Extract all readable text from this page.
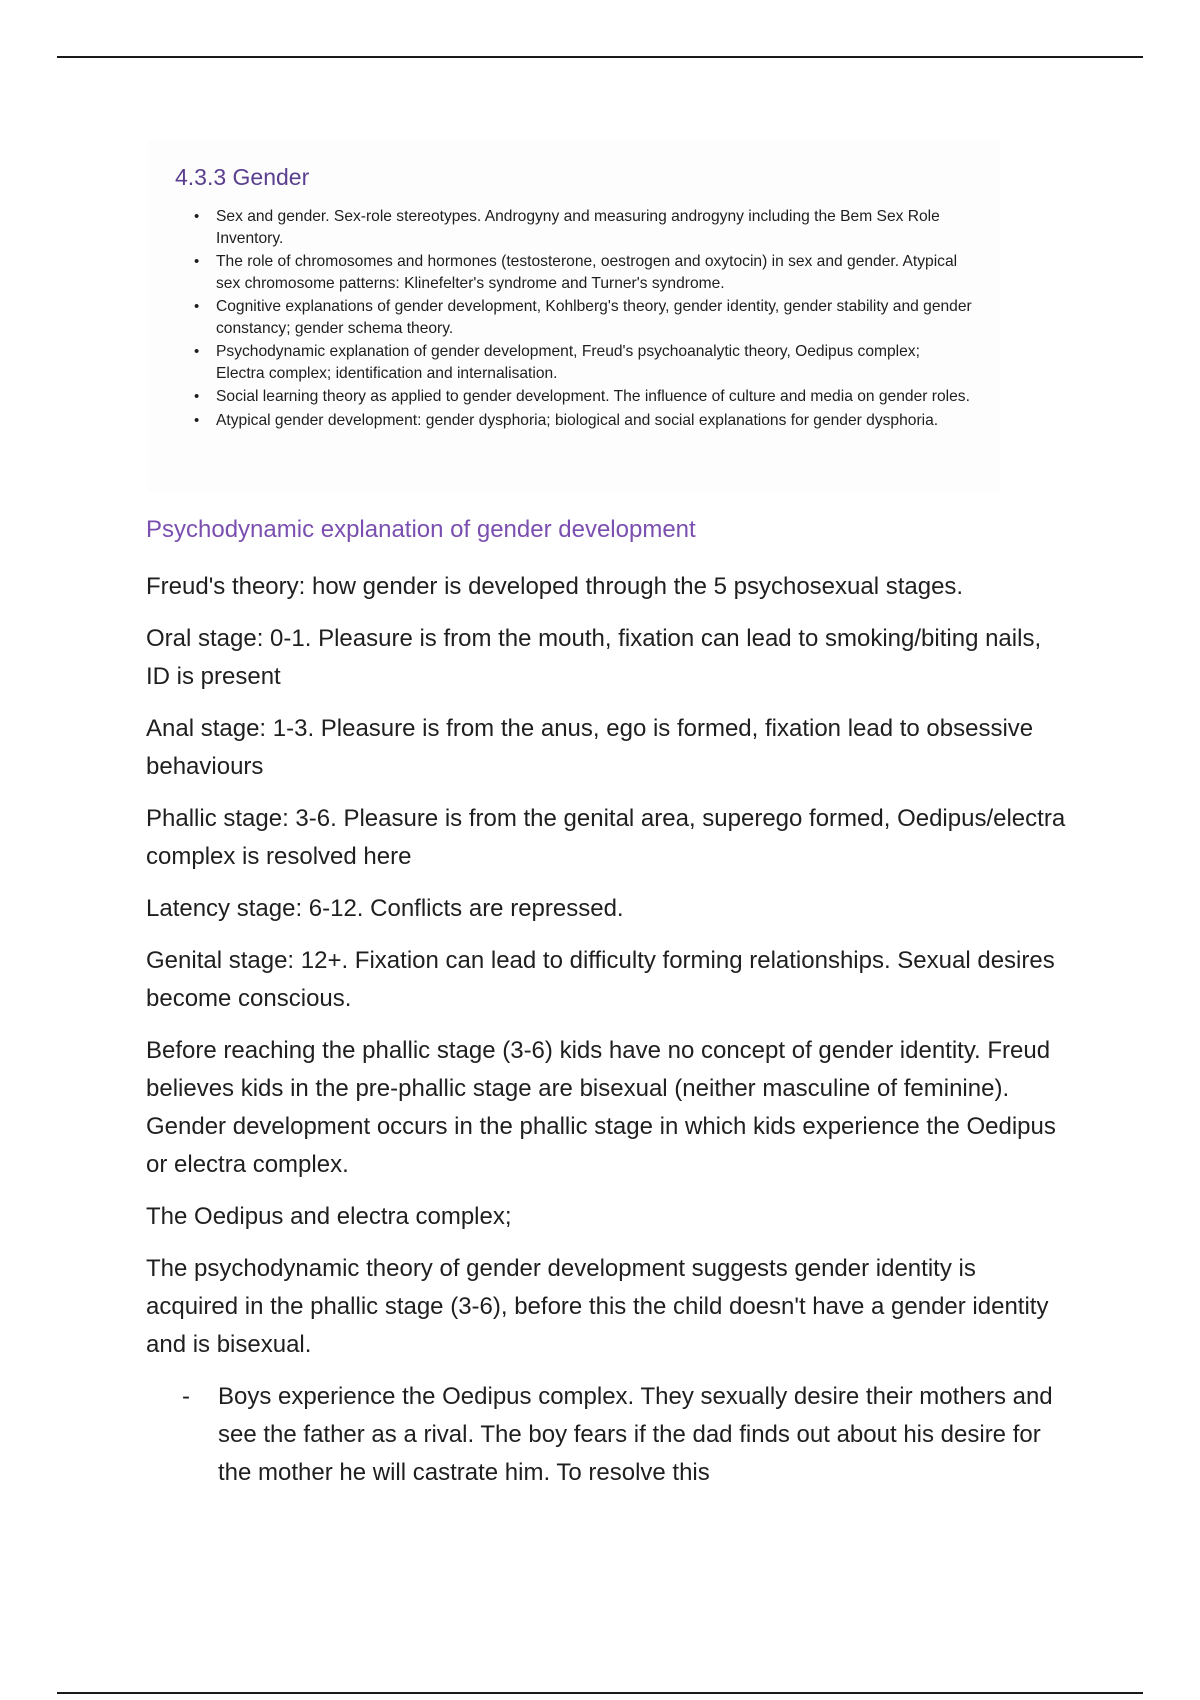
4.3.3 Gender
• Sex and gender. Sex-role stereotypes. Androgyny and measuring androgyny including the Bem Sex Role Inventory.
• The role of chromosomes and hormones (testosterone, oestrogen and oxytocin) in sex and gender. Atypical sex chromosome patterns: Klinefelter's syndrome and Turner's syndrome.
• Cognitive explanations of gender development, Kohlberg's theory, gender identity, gender stability and gender constancy; gender schema theory.
• Psychodynamic explanation of gender development, Freud's psychoanalytic theory, Oedipus complex; Electra complex; identification and internalisation.
• Social learning theory as applied to gender development. The influence of culture and media on gender roles.
• Atypical gender development: gender dysphoria; biological and social explanations for gender dysphoria.
Psychodynamic explanation of gender development

Freud's theory: how gender is developed through the 5 psychosexual stages.

Oral stage: 0-1. Pleasure is from the mouth, fixation can lead to smoking/biting nails, ID is present

Anal stage: 1-3. Pleasure is from the anus, ego is formed, fixation lead to obsessive behaviours

Phallic stage: 3-6. Pleasure is from the genital area, superego formed, Oedipus/electra complex is resolved here

Latency stage: 6-12. Conflicts are repressed.

Genital stage: 12+. Fixation can lead to difficulty forming relationships. Sexual desires become conscious.

Before reaching the phallic stage (3-6) kids have no concept of gender identity. Freud believes kids in the pre-phallic stage are bisexual (neither masculine of feminine). Gender development occurs in the phallic stage in which kids experience the Oedipus or electra complex.

The Oedipus and electra complex;

The psychodynamic theory of gender development suggests gender identity is acquired in the phallic stage (3-6), before this the child doesn't have a gender identity and is bisexual.

- Boys experience the Oedipus complex. They sexually desire their mothers and see the father as a rival. The boy fears if the dad finds out about his desire for the mother he will castrate him. To resolve this
